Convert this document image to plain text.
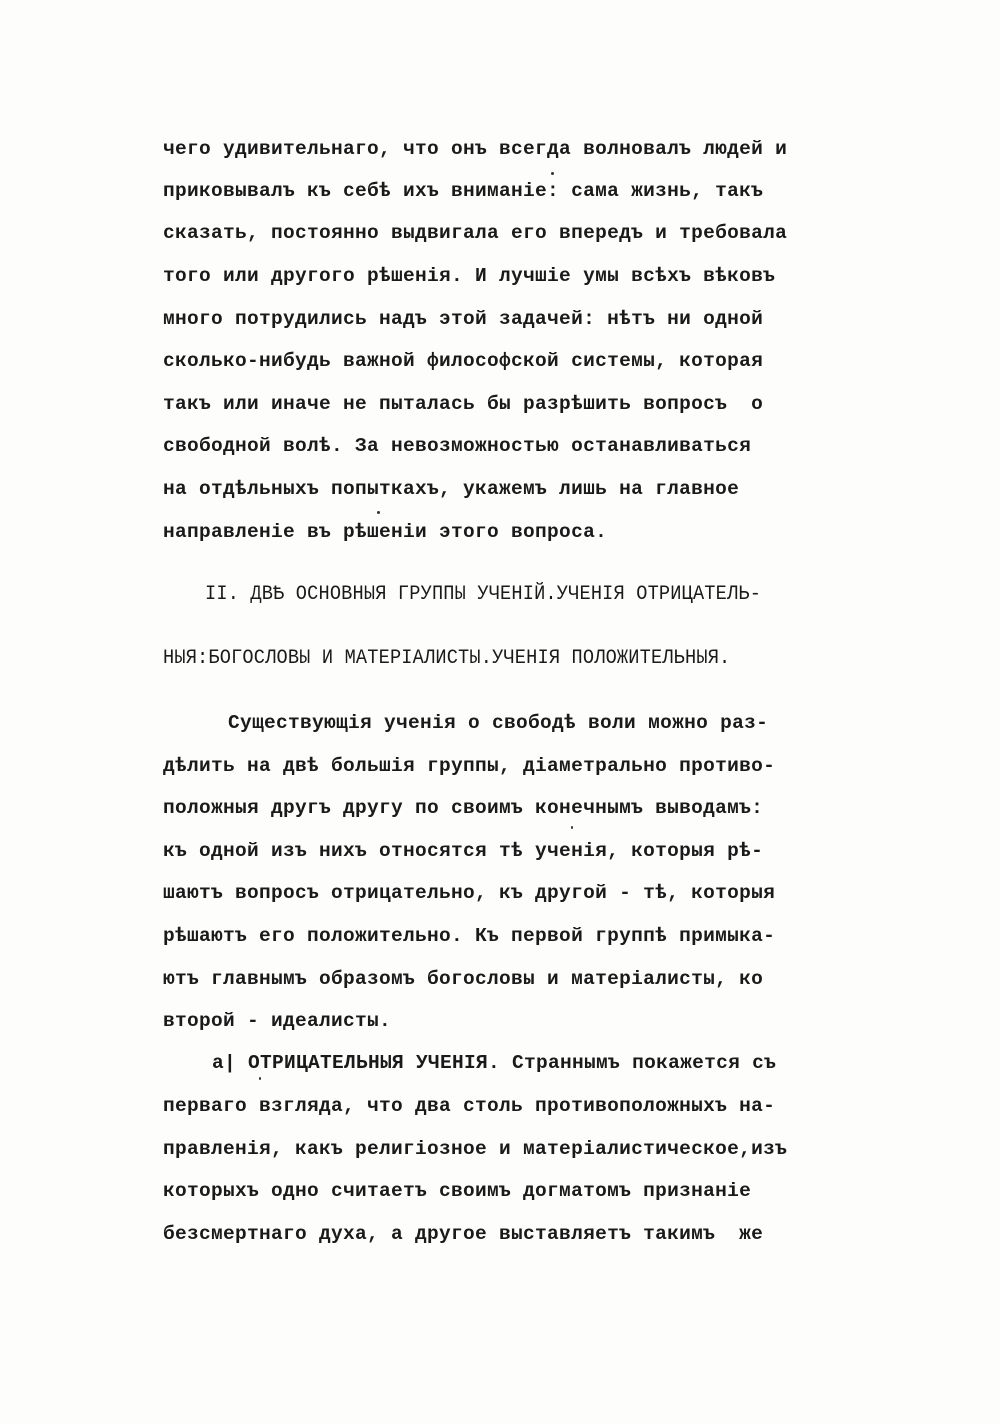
чего удивительнаго, что онъ всегда волновалъ людей и
приковывалъ къ себѣ ихъ вниманіе: сама жизнь, такъ
сказать, постоянно выдвигала его впередъ и требовала
того или другого рѣшенія. И лучшіе умы всѣхъ вѣковъ
много потрудились надъ этой задачей: нѣтъ ни одной
сколько-нибудь важной философской системы, которая
такъ или иначе не пыталась бы разрѣшить вопросъ  о
свободной волѣ. За невозможностью останавливаться
на отдѣльныхъ попыткахъ, укажемъ лишь на главное
направленіе въ рѣшеніи этого вопроса.
II. ДВѢ ОСНОВНЫЯ ГРУППЫ УЧЕНІЙ.УЧЕНІЯ ОТРИЦАТЕЛЬ-
НЫЯ:БОГОСЛОВЫ И МАТЕРІАЛИСТЫ.УЧЕНІЯ ПОЛОЖИТЕЛЬНЫЯ.
Существующія ученія о свободѣ воли можно раз-
дѣлить на двѣ большія группы, діаметрально противо-
положныя другъ другу по своимъ конечнымъ выводамъ:
къ одной изъ нихъ относятся тѣ ученія, которыя рѣ-
шаютъ вопросъ отрицательно, къ другой - тѣ, которыя
рѣшаютъ его положительно. Къ первой группѣ примыка-
ютъ главнымъ образомъ богословы и матеріалисты, ко
второй - идеалисты.
а| ОТРИЦАТЕЛЬНЫЯ УЧЕНІЯ. Страннымъ покажется съ
перваго взгляда, что два столь противоположныхъ на-
правленія, какъ религіозное и матеріалистическое,изъ
которыхъ одно считаетъ своимъ догматомъ признаніе
безсмертнаго духа, а другое выставляетъ такимъ  же
